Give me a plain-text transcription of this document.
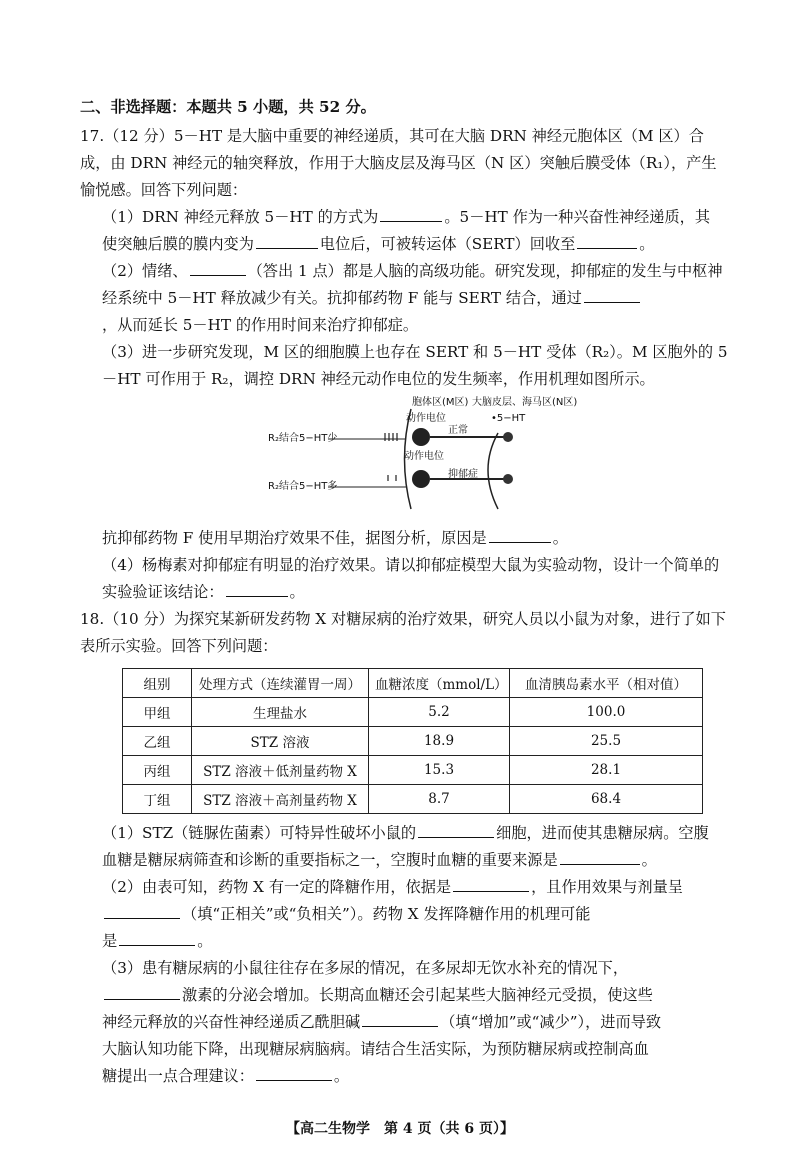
二、非选择题：本题共 5 小题，共 52 分。

17.（12 分）5－HT 是大脑中重要的神经递质，其可在大脑 DRN 神经元胞体区（M 区）合成，由 DRN 神经元的轴突释放，作用于大脑皮层及海马区（N 区）突触后膜受体（R₁），产生愉悦感。回答下列问题：

（1）DRN 神经元释放 5－HT 的方式为	。5－HT 作为一种兴奋性神经递质，其

使突触后膜的膜内变为	电位后，可被转运体（SERT）回收至	。

（2）情绪、	（答出 1 点）都是人脑的高级功能。研究发现，抑郁症的发生与中枢神经系统中 5－HT 释放减少有关。抗抑郁药物 F 能与 SERT 结合，通过

，从而延长 5－HT 的作用时间来治疗抑郁症。

（3）进一步研究发现，M 区的细胞膜上也存在 SERT 和 5－HT 受体（R₂）。M 区胞外的 5－HT 可作用于 R₂，调控 DRN 神经元动作电位的发生频率，作用机理如图所示。

胞体区(M区) 大脑皮层、海马区(N区)
动作电位	•5−HT
R₂结合5−HT少
正常
动作电位
R₂结合5−HT多
抑郁症

抗抑郁药物 F 使用早期治疗效果不佳，据图分析，原因是	。

（4）杨梅素对抑郁症有明显的治疗效果。请以抑郁症模型大鼠为实验动物，设计一个简单的实验验证该结论：	。

18.（10 分）为探究某新研发药物 X 对糖尿病的治疗效果，研究人员以小鼠为对象，进行了如下表所示实验。回答下列问题：

组别	处理方式（连续灌胃一周）	血糖浓度（mmol/L）	血清胰岛素水平（相对值）
甲组	生理盐水	5.2	100.0
乙组	STZ 溶液	18.9	25.5
丙组	STZ 溶液＋低剂量药物 X	15.3	28.1
丁组	STZ 溶液＋高剂量药物 X	8.7	68.4

（1）STZ（链脲佐菌素）可特异性破坏小鼠的	细胞，进而使其患糖尿病。空腹

血糖是糖尿病筛查和诊断的重要指标之一，空腹时血糖的重要来源是	。

（2）由表可知，药物 X 有一定的降糖作用，依据是	，且作用效果与剂量呈

（填“正相关”或“负相关”）。药物 X 发挥降糖作用的机理可能

是	。

（3）患有糖尿病的小鼠往往存在多尿的情况，在多尿却无饮水补充的情况下，

激素的分泌会增加。长期高血糖还会引起某些大脑神经元受损，使这些

神经元释放的兴奋性神经递质乙酰胆碱	（填“增加”或“减少”），进而导致

大脑认知功能下降，出现糖尿病脑病。请结合生活实际，为预防糖尿病或控制高血

糖提出一点合理建议：	。

【高二生物学　第 4 页（共 6 页）】
